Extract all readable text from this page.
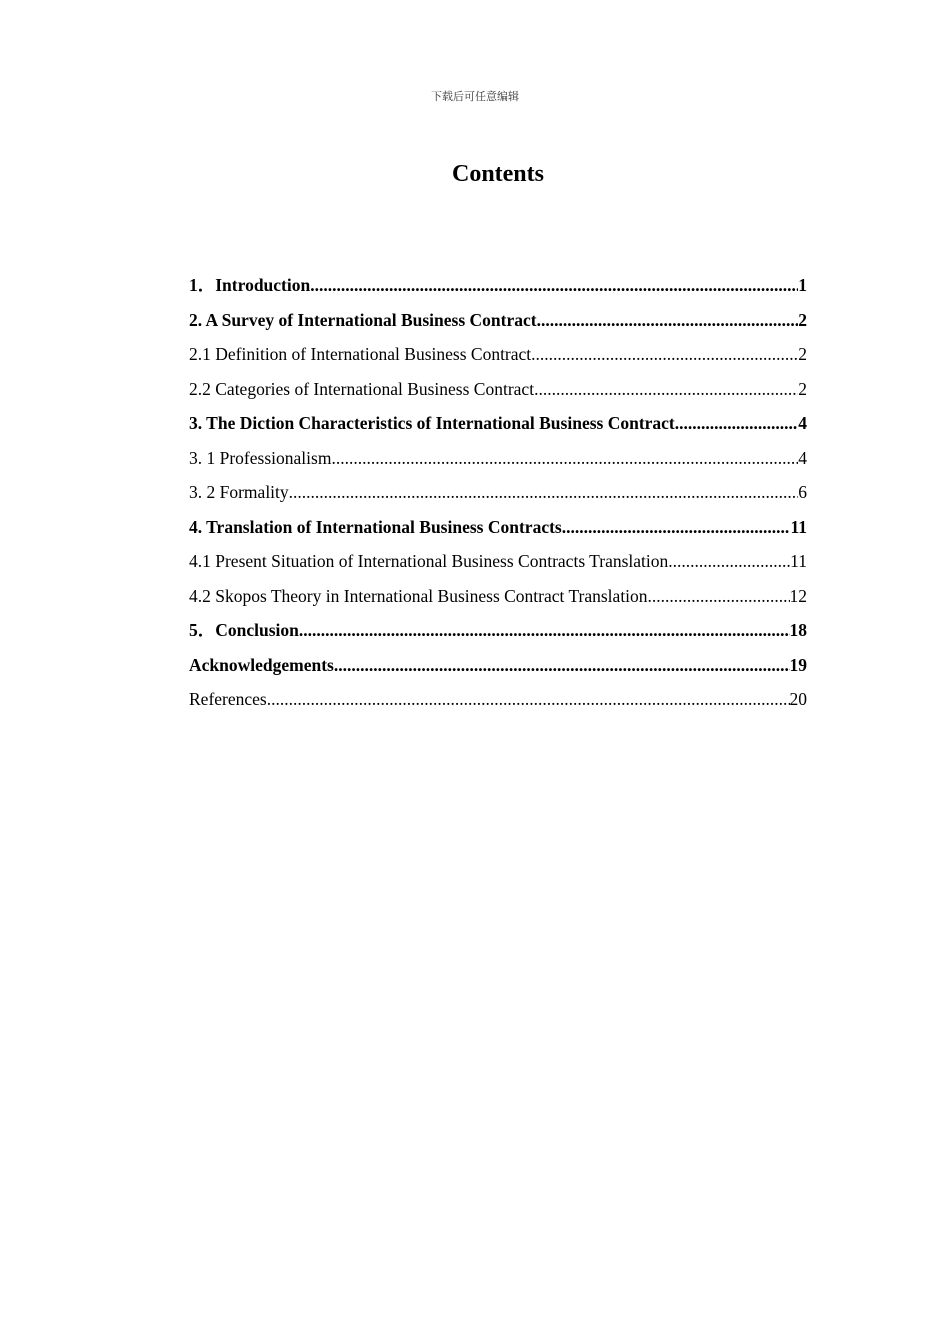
下载后可任意编辑
Contents
1．Introduction .....	1
2. A Survey of International Business Contract .....	2
2.1 Definition of International Business Contract .....	2
2.2 Categories of International Business Contract .....	2
3. The Diction Characteristics of International Business Contract .....	4
3. 1 Professionalism .....	4
3. 2 Formality .....	6
4. Translation of International Business Contracts .....	11
4.1 Present Situation of International Business Contracts Translation .....	11
4.2 Skopos Theory in International Business Contract Translation .....	12
5．Conclusion .....	18
Acknowledgements .....	19
References .....	20
